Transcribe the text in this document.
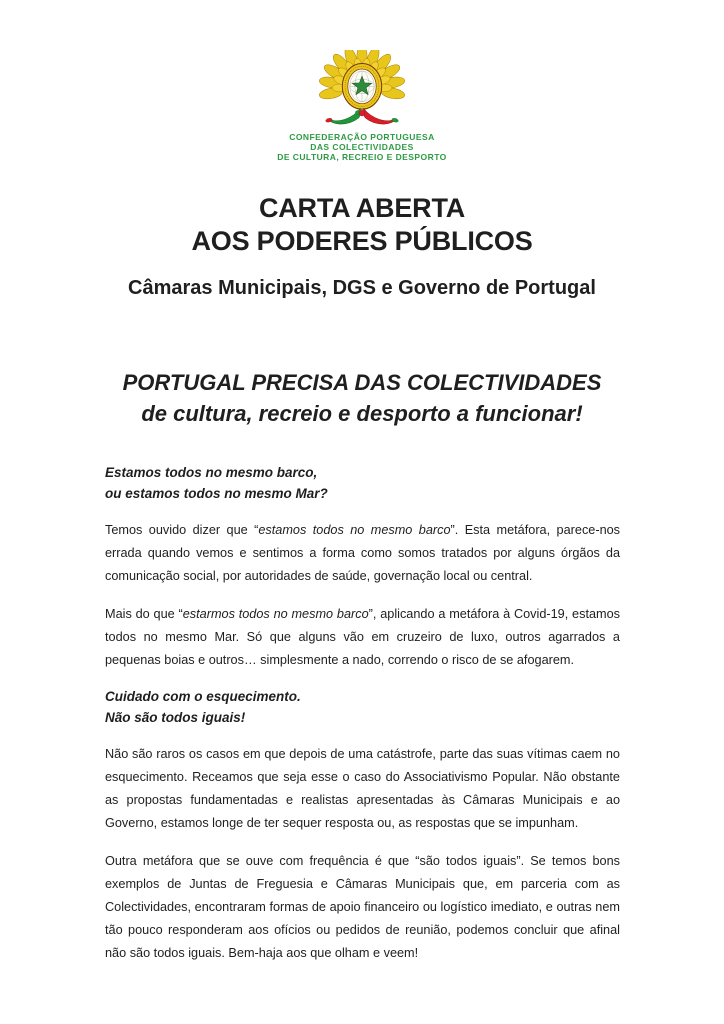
CONFEDERAÇÃO PORTUGUESA
DAS COLECTIVIDADES
DE CULTURA, RECREIO E DESPORTO
CARTA ABERTA
AOS PODERES PÚBLICOS
Câmaras Municipais, DGS e Governo de Portugal
PORTUGAL PRECISA DAS COLECTIVIDADES
de cultura, recreio e desporto a funcionar!
Estamos todos no mesmo barco,
ou estamos todos no mesmo Mar?

Temos ouvido dizer que “estamos todos no mesmo barco”. Esta metáfora, parece-nos errada quando vemos e sentimos a forma como somos tratados por alguns órgãos da comunicação social, por autoridades de saúde, governação local ou central.

Mais do que “estarmos todos no mesmo barco”, aplicando a metáfora à Covid-19, estamos todos no mesmo Mar. Só que alguns vão em cruzeiro de luxo, outros agarrados a pequenas boias e outros… simplesmente a nado, correndo o risco de se afogarem.

Cuidado com o esquecimento.
Não são todos iguais!

Não são raros os casos em que depois de uma catástrofe, parte das suas vítimas caem no esquecimento. Receamos que seja esse o caso do Associativismo Popular. Não obstante as propostas fundamentadas e realistas apresentadas às Câmaras Municipais e ao Governo, estamos longe de ter sequer resposta ou, as respostas que se impunham.

Outra metáfora que se ouve com frequência é que “são todos iguais”. Se temos bons exemplos de Juntas de Freguesia e Câmaras Municipais que, em parceria com as Colectividades, encontraram formas de apoio financeiro ou logístico imediato, e outras nem tão pouco responderam aos ofícios ou pedidos de reunião, podemos concluir que afinal não são todos iguais. Bem-haja aos que olham e veem!
